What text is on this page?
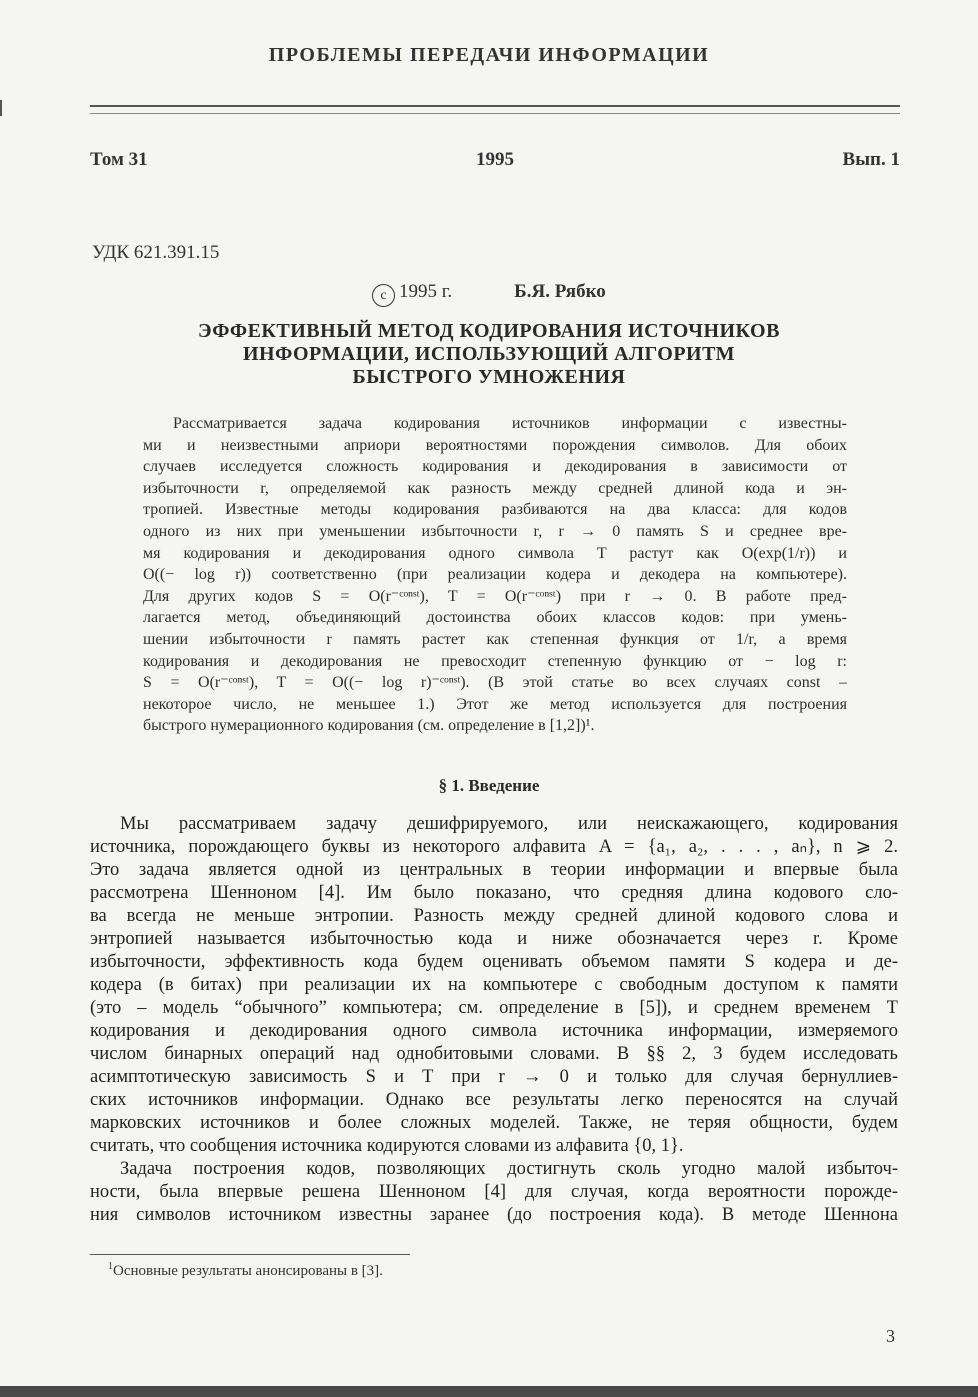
ПРОБЛЕМЫ ПЕРЕДАЧИ ИНФОРМАЦИИ
Том 31	1995	Вып. 1
УДК 621.391.15
c 1995 г.	Б.Я. Рябко
ЭФФЕКТИВНЫЙ МЕТОД КОДИРОВАНИЯ ИСТОЧНИКОВ
ИНФОРМАЦИИ, ИСПОЛЬЗУЮЩИЙ АЛГОРИТМ
БЫСТРОГО УМНОЖЕНИЯ
Рассматривается задача кодирования источников информации с известны-
ми и неизвестными априори вероятностями порождения символов. Для обоих
случаев исследуется сложность кодирования и декодирования в зависимости от
избыточности r, определяемой как разность между средней длиной кода и эн-
тропией. Известные методы кодирования разбиваются на два класса: для кодов
одного из них при уменьшении избыточности r, r → 0 память S и среднее вре-
мя кодирования и декодирования одного символа T растут как O(exp(1/r)) и
O((− log r)) соответственно (при реализации кодера и декодера на компьютере).
Для других кодов S = O(r⁻ᶜᵒⁿˢᵗ), T = O(r⁻ᶜᵒⁿˢᵗ) при r → 0. В работе пред-
лагается метод, объединяющий достоинства обоих классов кодов: при умень-
шении избыточности r память растет как степенная функция от 1/r, а время
кодирования и декодирования не превосходит степенную функцию от − log r:
S = O(r⁻ᶜᵒⁿˢᵗ), T = O((− log r)⁻ᶜᵒⁿˢᵗ). (В этой статье во всех случаях const –
некоторое число, не меньшее 1.) Этот же метод используется для построения
быстрого нумерационного кодирования (см. определение в [1,2])¹.
§ 1. Введение
Мы рассматриваем задачу дешифрируемого, или неискажающего, кодирования
источника, порождающего буквы из некоторого алфавита A = {a₁, a₂, . . . , aₙ}, n ⩾ 2.
Это задача является одной из центральных в теории информации и впервые была
рассмотрена Шенноном [4]. Им было показано, что средняя длина кодового сло-
ва всегда не меньше энтропии. Разность между средней длиной кодового слова и
энтропией называется избыточностью кода и ниже обозначается через r. Кроме
избыточности, эффективность кода будем оценивать объемом памяти S кодера и де-
кодера (в битах) при реализации их на компьютере с свободным доступом к памяти
(это – модель “обычного” компьютера; см. определение в [5]), и среднем временем T
кодирования и декодирования одного символа источника информации, измеряемого
числом бинарных операций над однобитовыми словами. В §§ 2, 3 будем исследовать
асимптотическую зависимость S и T при r → 0 и только для случая бернуллиев-
ских источников информации. Однако все результаты легко переносятся на случай
марковских источников и более сложных моделей. Также, не теряя общности, будем
считать, что сообщения источника кодируются словами из алфавита {0, 1}.
Задача построения кодов, позволяющих достигнуть сколь угодно малой избыточ-
ности, была впервые решена Шенноном [4] для случая, когда вероятности порожде-
ния символов источником известны заранее (до построения кода). В методе Шеннона
$^1$Основные результаты анонсированы в [3].
3
